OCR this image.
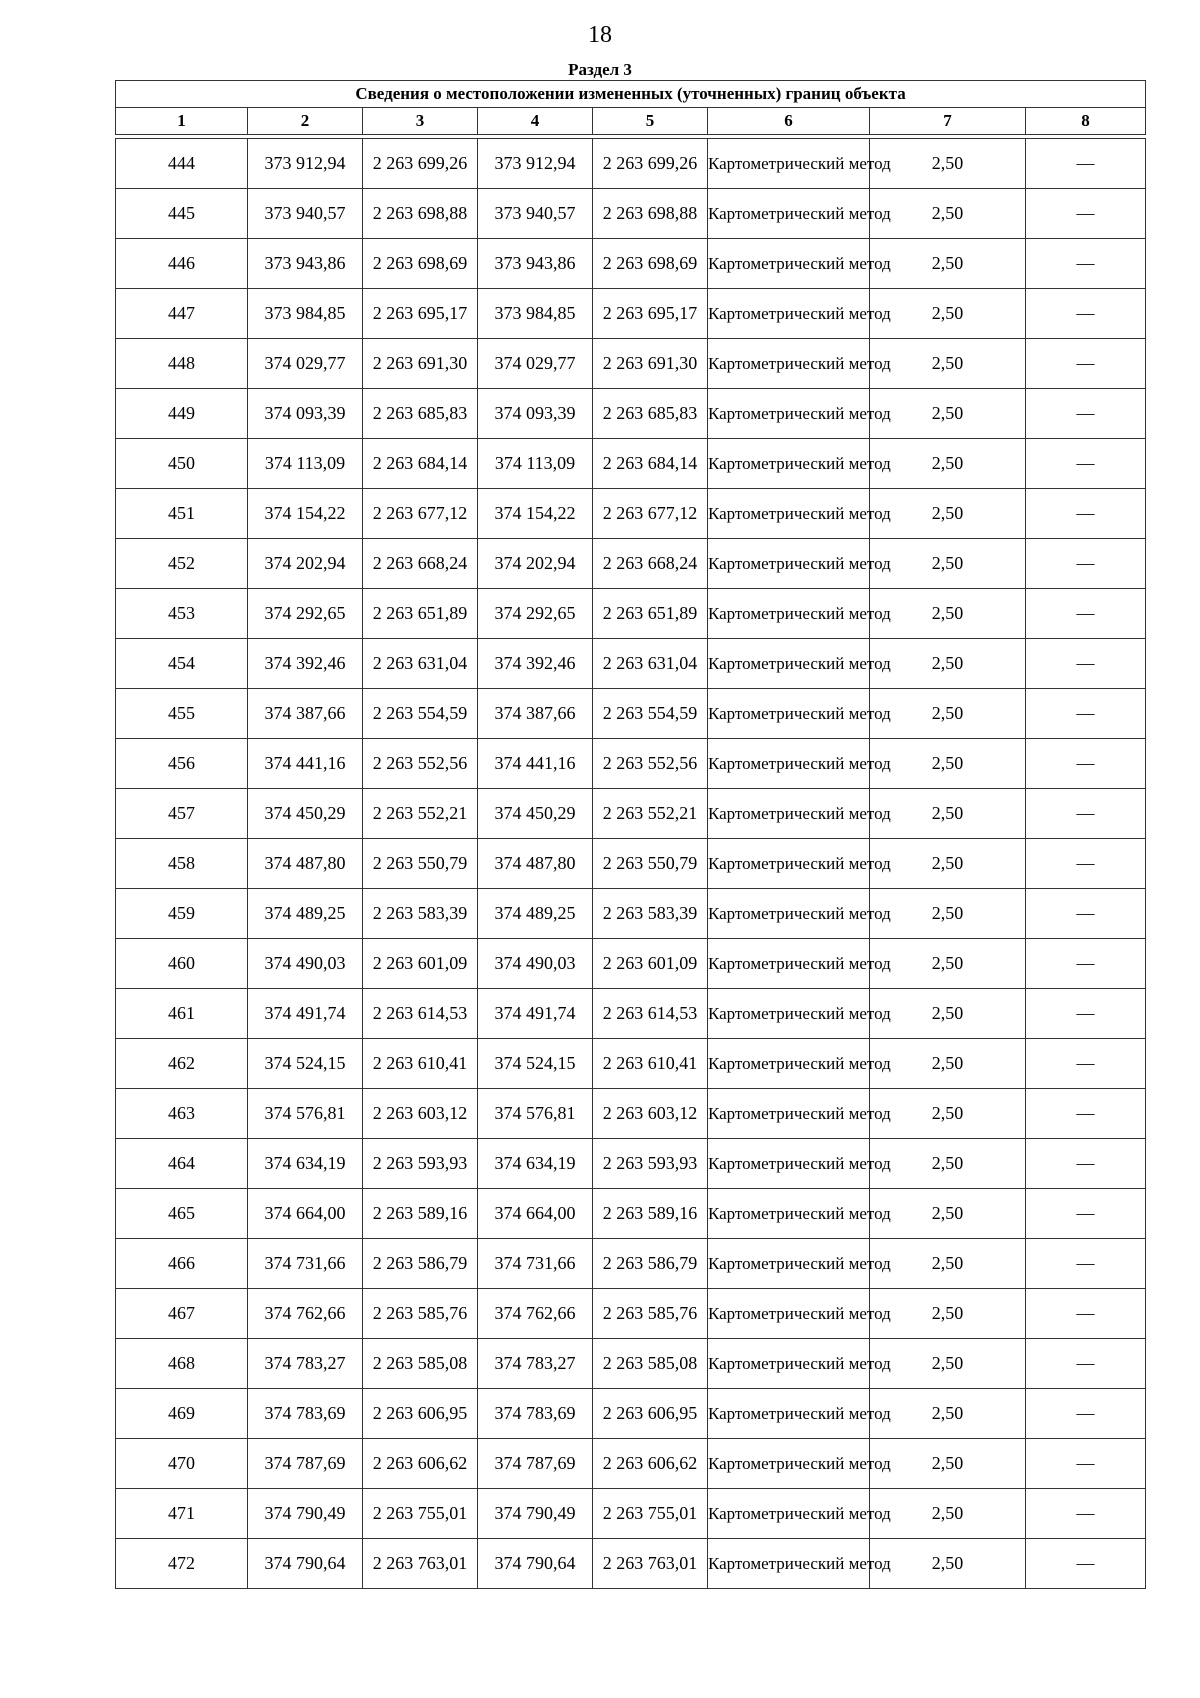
18
Раздел 3
Сведения о местоположении измененных (уточненных) границ объекта							
1	2	3	4	5	6	7	8

444	373 912,94	2 263 699,26	373 912,94	2 263 699,26	Картометрический метод	2,50	—
445	373 940,57	2 263 698,88	373 940,57	2 263 698,88	Картометрический метод	2,50	—
446	373 943,86	2 263 698,69	373 943,86	2 263 698,69	Картометрический метод	2,50	—
447	373 984,85	2 263 695,17	373 984,85	2 263 695,17	Картометрический метод	2,50	—
448	374 029,77	2 263 691,30	374 029,77	2 263 691,30	Картометрический метод	2,50	—
449	374 093,39	2 263 685,83	374 093,39	2 263 685,83	Картометрический метод	2,50	—
450	374 113,09	2 263 684,14	374 113,09	2 263 684,14	Картометрический метод	2,50	—
451	374 154,22	2 263 677,12	374 154,22	2 263 677,12	Картометрический метод	2,50	—
452	374 202,94	2 263 668,24	374 202,94	2 263 668,24	Картометрический метод	2,50	—
453	374 292,65	2 263 651,89	374 292,65	2 263 651,89	Картометрический метод	2,50	—
454	374 392,46	2 263 631,04	374 392,46	2 263 631,04	Картометрический метод	2,50	—
455	374 387,66	2 263 554,59	374 387,66	2 263 554,59	Картометрический метод	2,50	—
456	374 441,16	2 263 552,56	374 441,16	2 263 552,56	Картометрический метод	2,50	—
457	374 450,29	2 263 552,21	374 450,29	2 263 552,21	Картометрический метод	2,50	—
458	374 487,80	2 263 550,79	374 487,80	2 263 550,79	Картометрический метод	2,50	—
459	374 489,25	2 263 583,39	374 489,25	2 263 583,39	Картометрический метод	2,50	—
460	374 490,03	2 263 601,09	374 490,03	2 263 601,09	Картометрический метод	2,50	—
461	374 491,74	2 263 614,53	374 491,74	2 263 614,53	Картометрический метод	2,50	—
462	374 524,15	2 263 610,41	374 524,15	2 263 610,41	Картометрический метод	2,50	—
463	374 576,81	2 263 603,12	374 576,81	2 263 603,12	Картометрический метод	2,50	—
464	374 634,19	2 263 593,93	374 634,19	2 263 593,93	Картометрический метод	2,50	—
465	374 664,00	2 263 589,16	374 664,00	2 263 589,16	Картометрический метод	2,50	—
466	374 731,66	2 263 586,79	374 731,66	2 263 586,79	Картометрический метод	2,50	—
467	374 762,66	2 263 585,76	374 762,66	2 263 585,76	Картометрический метод	2,50	—
468	374 783,27	2 263 585,08	374 783,27	2 263 585,08	Картометрический метод	2,50	—
469	374 783,69	2 263 606,95	374 783,69	2 263 606,95	Картометрический метод	2,50	—
470	374 787,69	2 263 606,62	374 787,69	2 263 606,62	Картометрический метод	2,50	—
471	374 790,49	2 263 755,01	374 790,49	2 263 755,01	Картометрический метод	2,50	—
472	374 790,64	2 263 763,01	374 790,64	2 263 763,01	Картометрический метод	2,50	—
